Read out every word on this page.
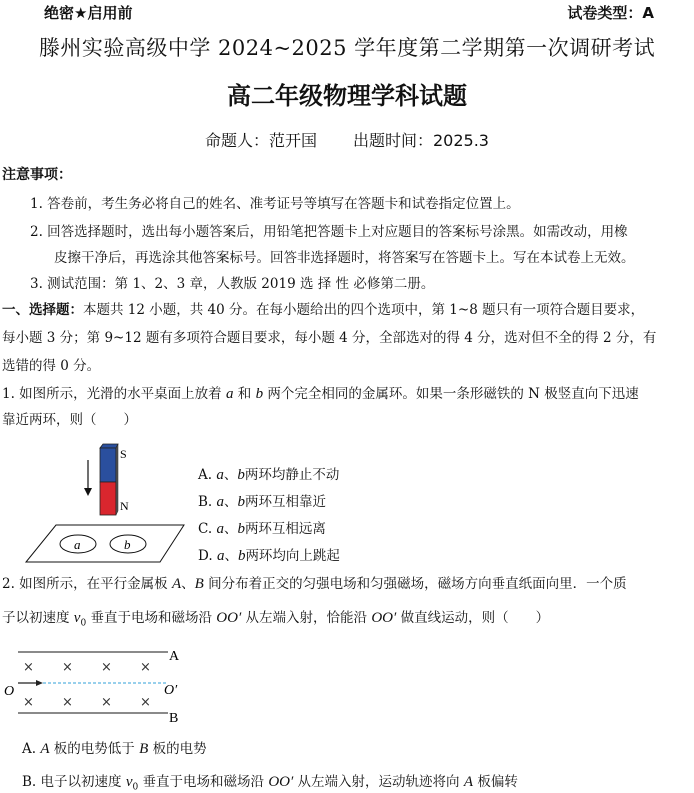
绝密★启用前	试卷类型：A
滕州实验高级中学 2024~2025 学年度第二学期第一次调研考试
高二年级物理学科试题
命题人：范开国 出题时间：2025.3
注意事项：
1. 答卷前，考生务必将自己的姓名、准考证号等填写在答题卡和试卷指定位置上。
2. 回答选择题时，选出每小题答案后，用铅笔把答题卡上对应题目的答案标号涂黑。如需改动，用橡
皮擦干净后，再选涂其他答案标号。回答非选择题时，将答案写在答题卡上。写在本试卷上无效。
3. 测试范围：第 1、2、3 章，人教版 2019 选 择 性 必修第二册。
一、选择题：本题共 12 小题，共 40 分。在每小题给出的四个选项中，第 1~8 题只有一项符合题目要求，
每小题 3 分；第 9~12 题有多项符合题目要求，每小题 4 分，全部选对的得 4 分，选对但不全的得 2 分，有
选错的得 0 分。
1. 如图所示，光滑的水平桌面上放着 a 和 b 两个完全相同的金属环。如果一条形磁铁的 N 极竖直向下迅速
靠近两环，则（　　）
S
N
a	b
A. a、b两环均静止不动
B. a、b两环互相靠近
C. a、b两环互相远离
D. a、b两环均向上跳起
2. 如图所示，在平行金属板 A、B 间分布着正交的匀强电场和匀强磁场，磁场方向垂直纸面向里．一个质
子以初速度 $v_0$ 垂直于电场和磁场沿 OO′ 从左端入射，恰能沿 OO′ 做直线运动，则（　　）
A
B
× × × ×
× × × ×
O	O′
A. A 板的电势低于 B 板的电势
B. 电子以初速度 $v_0$ 垂直于电场和磁场沿 OO′ 从左端入射，运动轨迹将向 A 板偏转
